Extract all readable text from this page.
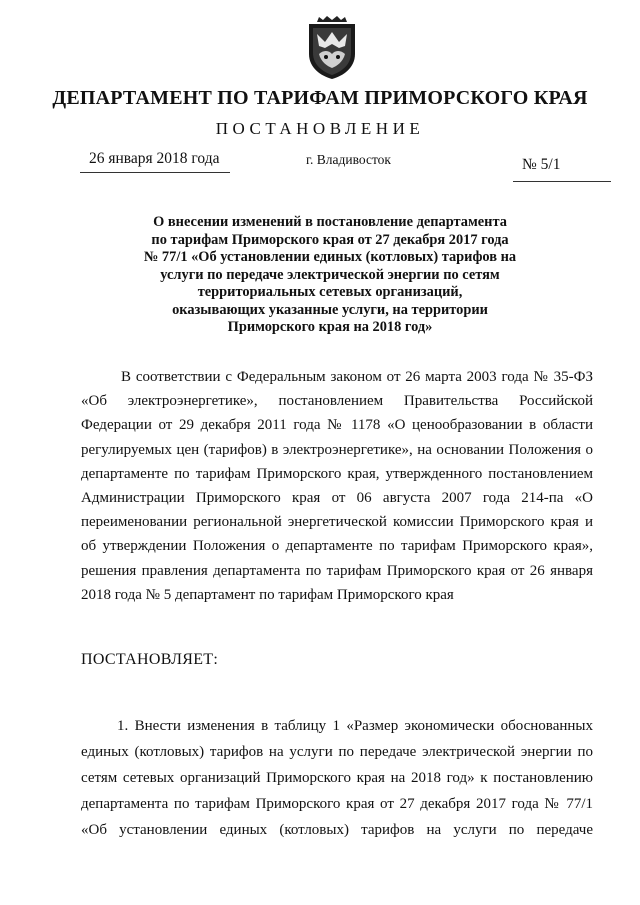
ДЕПАРТАМЕНТ ПО ТАРИФАМ ПРИМОРСКОГО КРАЯ
ПОСТАНОВЛЕНИЕ
26 января 2018 года	г. Владивосток	№ 5/1
О внесении изменений в постановление департамента
по тарифам Приморского края от 27 декабря 2017 года
№ 77/1 «Об установлении единых (котловых) тарифов на
услуги по передаче электрической энергии по сетям
территориальных сетевых организаций,
оказывающих указанные услуги, на территории
Приморского края на 2018 год»
В соответствии с Федеральным законом от 26 марта 2003 года № 35-ФЗ
«Об электроэнергетике», постановлением Правительства Российской
Федерации от 29 декабря 2011 года № 1178 «О ценообразовании в области
регулируемых цен (тарифов) в электроэнергетике», на основании Положения о
департаменте по тарифам Приморского края, утвержденного постановлением
Администрации Приморского края от 06 августа 2007 года 214-па «О
переименовании региональной энергетической комиссии Приморского края и
об утверждении Положения о департаменте по тарифам Приморского края»,
решения правления департамента по тарифам Приморского края от 26 января
2018 года № 5 департамент по тарифам Приморского края
ПОСТАНОВЛЯЕТ:
1. Внести изменения в таблицу 1 «Размер экономически обоснованных
единых (котловых) тарифов на услуги по передаче электрической энергии по
сетям сетевых организаций Приморского края на 2018 год» к постановлению
департамента по тарифам Приморского края от 27 декабря 2017 года № 77/1
«Об установлении единых (котловых) тарифов на услуги по передаче
